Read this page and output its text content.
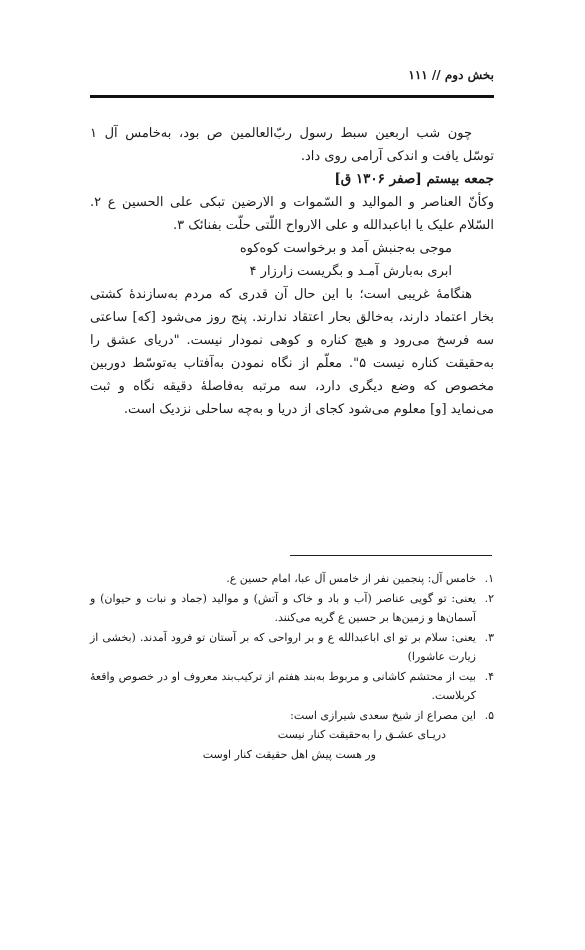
بخش دوم // ۱۱۱

چون شب اربعین سبط رسول ربّ‌العالمین ص بود، به‌خامس آل ۱ توسّل یافت و اندکی آرامی روی داد.

جمعه بیستم [صفر ۱۳۰۶ ق]

وکأنّ العناصر و المواليد و السّموات و الارضين تبكى على الحسين ع ۲. السّلام عليک يا اباعبدالله و على الارواح اللّتى حلّت بفنائک ۳.

موجی به‌جنبش آمد و برخواست کوه‌کوه

ابری به‌بارش آمـد و بگریست زارزار ۴

هنگامهٔ غریبی است؛ با این حال آن قدری که مردم به‌سازندهٔ کشتی بخار اعتماد دارند، به‌خالق بحار اعتقاد ندارند. پنج روز می‌شود [که] ساعتی سه فرسخ می‌رود و هیچ کناره و کوهی نمودار نیست. "دریای عشق را به‌حقیقت کناره نیست ۵". معلّم از نگاه نمودن به‌آفتاب به‌توسّط دوربین مخصوص که وضع دیگری دارد، سه مرتبه به‌فاصلهٔ دقیقه نگاه و ثبت می‌نماید [و] معلوم می‌شود کجای از دریا و به‌چه ساحلی نزدیک است.

۱.
خامس آل: پنجمین نفر از خامس آل عبا، امام حسین ع.
۲.
یعنی: تو گویی عناصر (آب و باد و خاک و آتش) و موالید (جماد و نبات و حیوان) و آسمان‌ها و زمین‌ها بر حسین ع گریه می‌کنند.
۳.
یعنی: سلام بر تو ای اباعبدالله ع و بر ارواحی که بر آستان تو فرود آمدند. (بخشی از زیارت عاشورا)
۴.
بیت از محتشم کاشانی و مربوط به‌بند هفتم از ترکیب‌بند معروف او در خصوص واقعهٔ کربلاست.
۵.
این مصراع از شیخ سعدی شیرازی است:
دریـای عشـق را به‌حقیقت کنار نیست
ور هست پیش اهل حقیقت کنار اوست
